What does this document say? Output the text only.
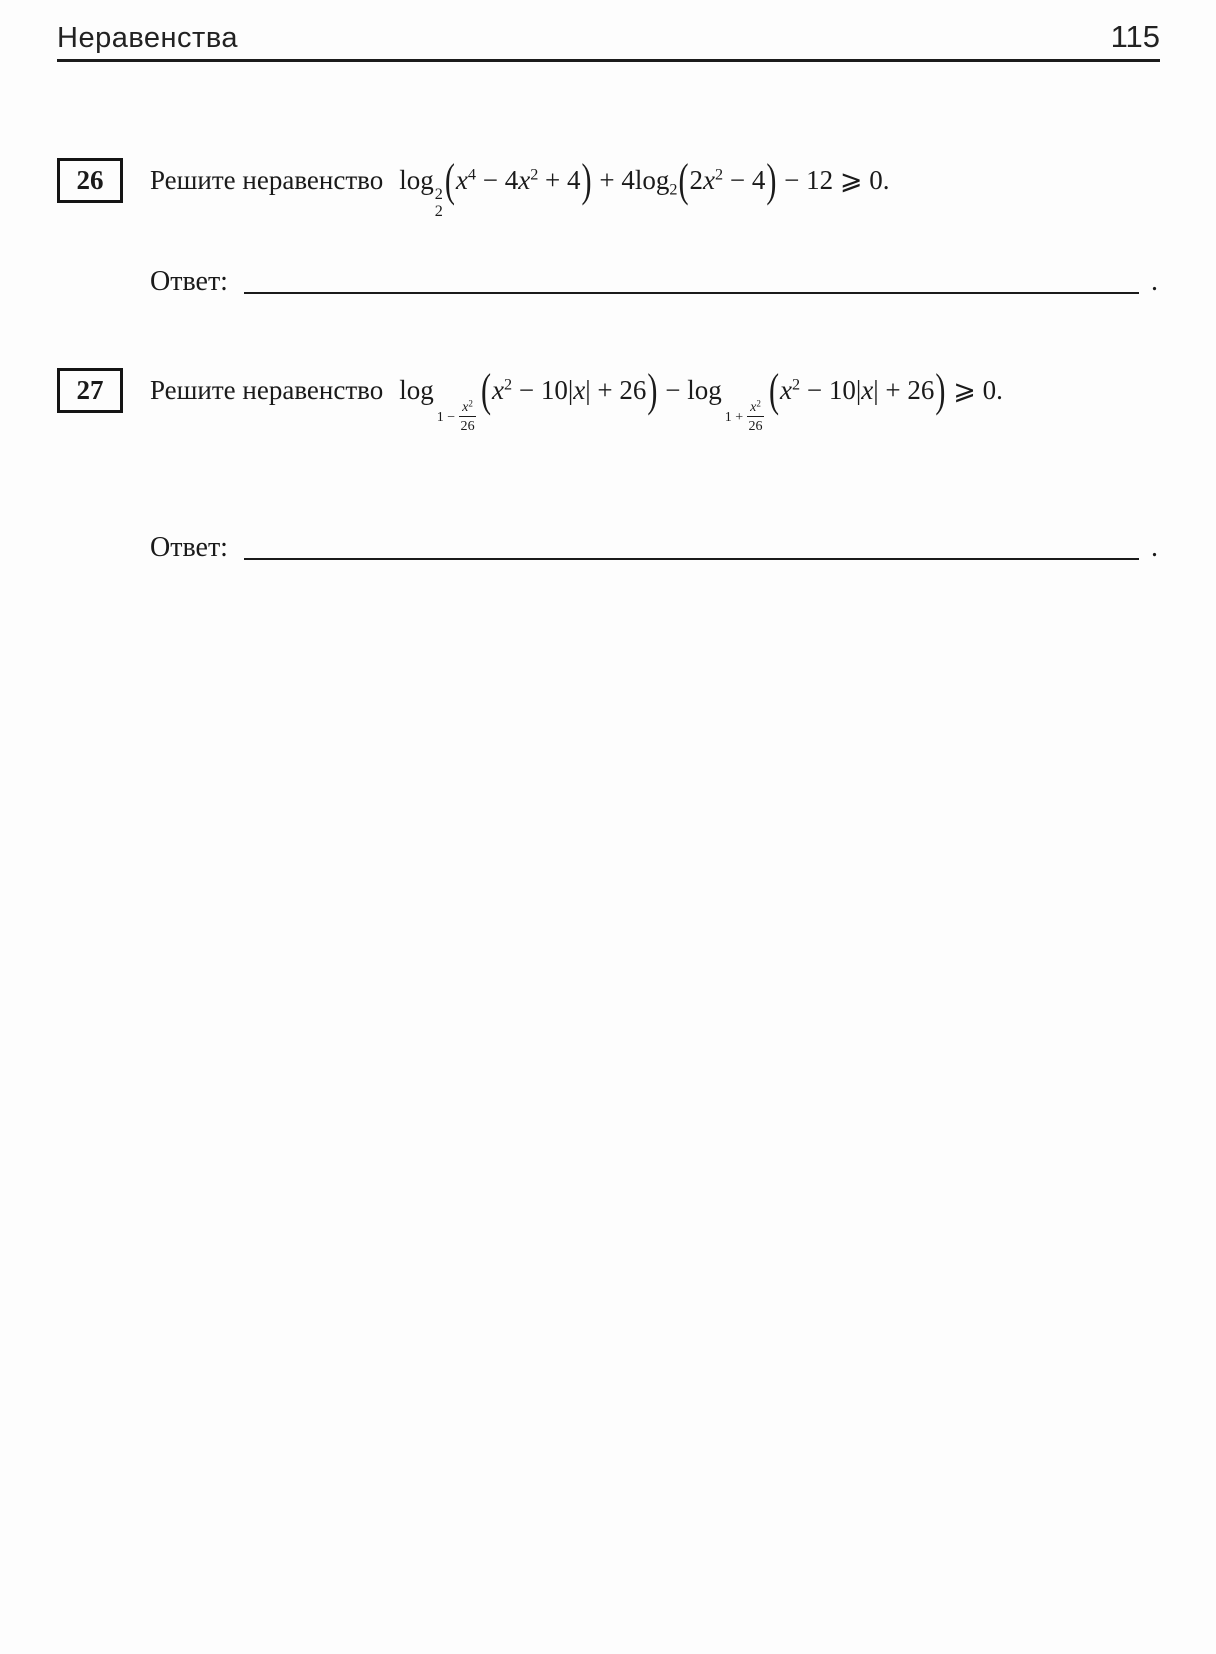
Неравенства	115
26 Решите неравенство log 2
2
$(x^4 - 4x^2 + 4) + 4\log_2(2x^2 - 4) - 12$ ⩾ 0.
Ответ:	.
27 Решите неравенство log
$1 - \frac{x^2}{26}$
$(x^2 - 10|x| + 26) - \log$
$1 + \frac{x^2}{26}$
$(x^2 - 10|x| + 26)$ ⩾ 0.
Ответ:	.
